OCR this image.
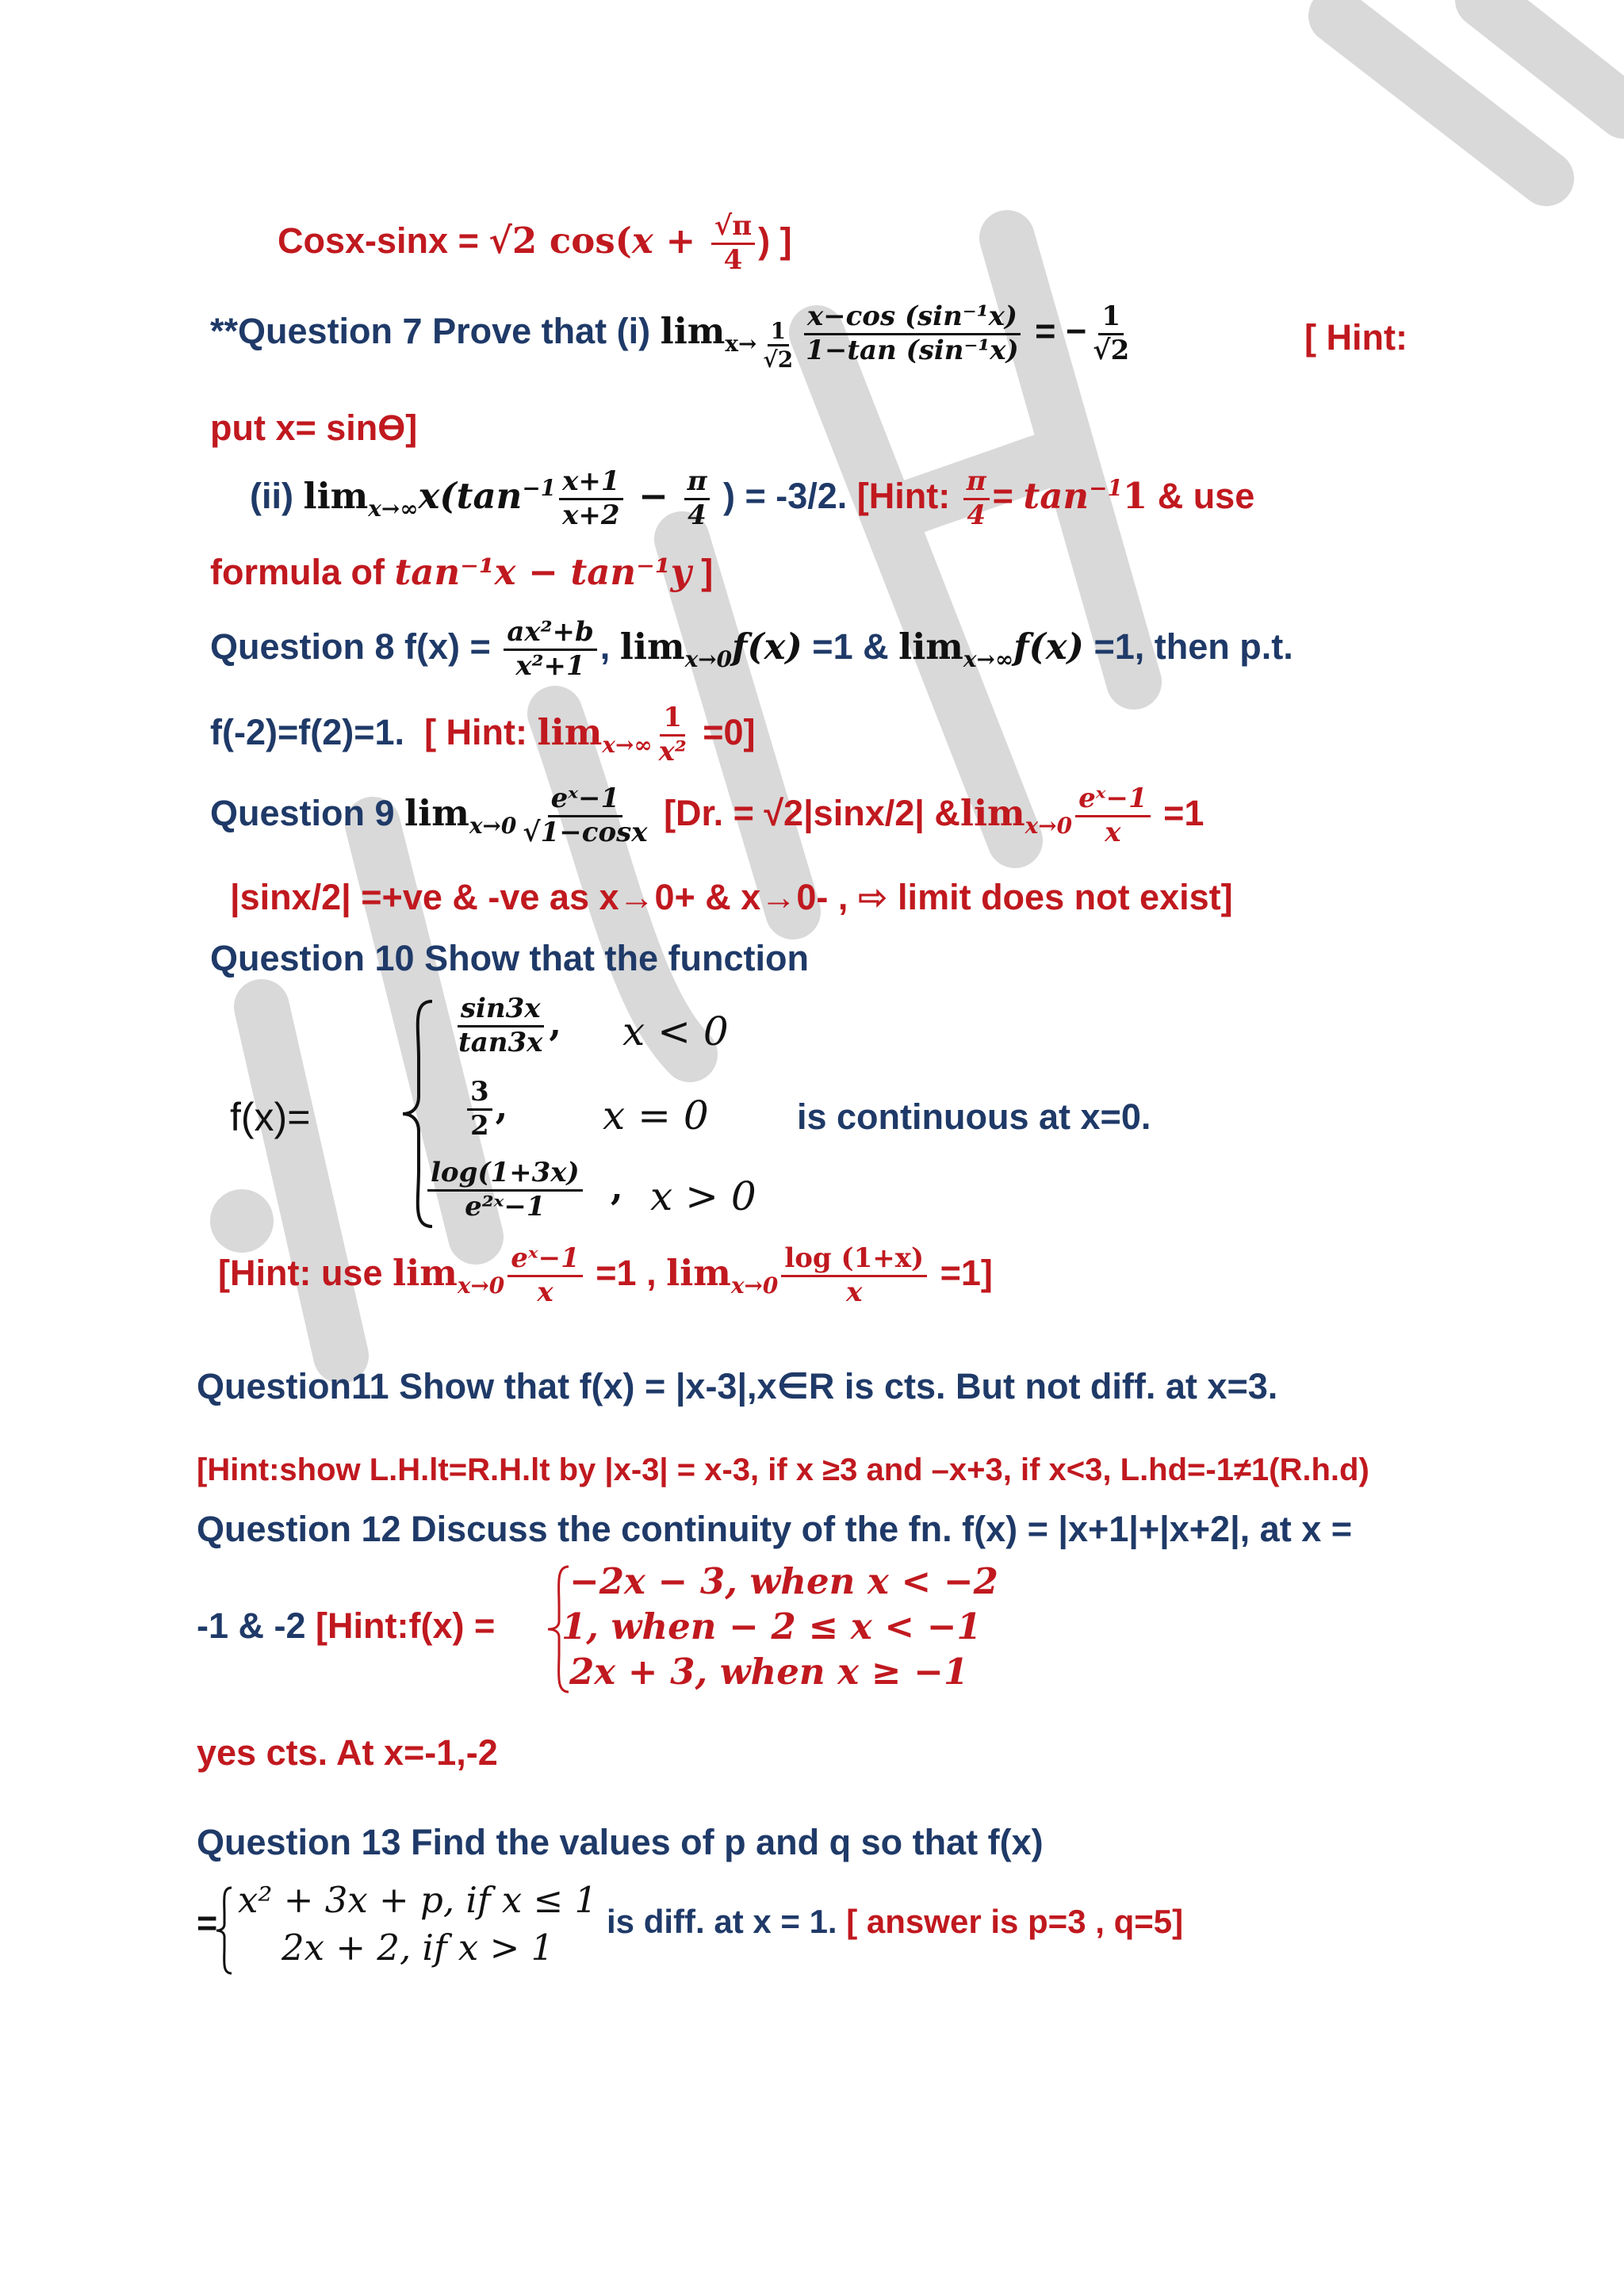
Cosx-sinx = √2 $\cos(x + \frac{√\pi}{4}$ ) ]
**Question 7 Prove that (i) $\lim_{x\to \frac{1}{√2}} \frac{\text{x−cos (sin⁻¹x)}}{\text{1−tan (sin⁻¹x)}}$ = − $\frac{1}{√2}$	[ Hint:
put x= sinϴ]
(ii) $\lim_{x\to\infty}x(\tan^{-1} \frac{x+1}{x+2} - \frac{\pi}{4}$ ) = -3/2. [Hint: $\frac{\pi}{4} = \tan^{-1}1$ & use
formula of tan⁻¹x − tan⁻¹y ]
Question 8 $f(x) = \frac{\text{ax²+b}}{\text{x²+1}}$ , $\lim_{x\to 0}f(x) =1$ & $\lim_{x\to\infty}f(x) =1$, then p.t.
f(-2)=f(2)=1. [ Hint: $\lim_{x\to\infty} \frac{1}{\text{x²}} =0$]
Question 9 $\lim_{x\to 0} \frac{\text{eˣ−1}}{√1-\cos x} [Dr$. = √2|sinx/2| $\&\lim_{x\to 0} \frac{\text{eˣ−1}}{x} =1$
|sinx/2| =+ve & -ve as x→0+ & x→0- , ⇨ limit does not exist]
Question 10 Show that the function
f(x)=
$\frac{\sin 3x}{\tan 3x}$ , x < 0
$\frac{3}{2}$ , x = 0 is continuous at x=0.
$\frac{\log(1+3x)}{\text{e²ˣ−1}}$ , x > 0
[Hint: use $\lim_{x\to 0} \frac{\text{eˣ−1}}{x} =1$ , $\lim_{x\to 0} \frac{\log (1+x)}{x} =1$]
Question11 Show that f(x) = |x-3|,x∈R is cts. But not diff. at x=3.
[Hint:show L.H.lt=R.H.lt by |x-3| = x-3, if x ≥3 and –x+3, if x<3, L.hd=-1≠1(R.h.d)
Question 12 Discuss the continuity of the fn. f(x) = |x+1|+|x+2|, at x =
-1 & -2 [Hint:f(x) =
−2x − 3, when x < −2
1, when − 2 ≤ x < −1
2x + 3, when x ≥ −1
yes cts. At x=-1,-2
Question 13 Find the values of p and q so that f(x)
=
x² + 3x + p, if x ≤ 1
2x + 2, if x > 1
is diff. at x = 1. [ answer is p=3 , q=5]
